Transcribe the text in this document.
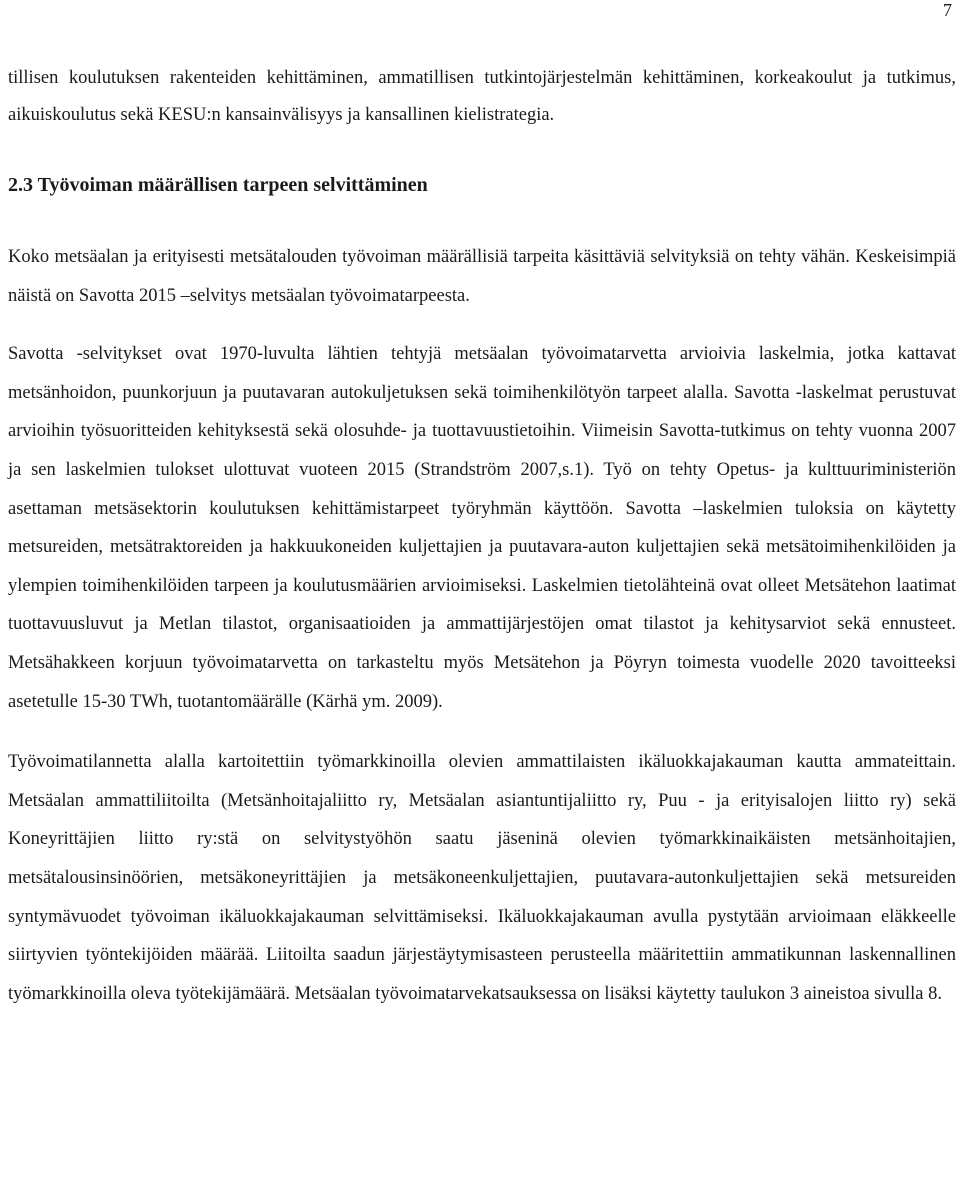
7

tillisen koulutuksen rakenteiden kehittäminen, ammatillisen tutkintojärjestelmän kehittäminen, korkeakoulut ja tutkimus, aikuiskoulutus sekä KESU:n kansainvälisyys ja kansallinen kielistrategia.

2.3 Työvoiman määrällisen tarpeen selvittäminen

Koko metsäalan ja erityisesti metsätalouden työvoiman määrällisiä tarpeita käsittäviä selvityksiä on tehty vähän. Keskeisimpiä näistä on Savotta 2015 –selvitys metsäalan työvoimatarpeesta.

Savotta -selvitykset ovat 1970-luvulta lähtien tehtyjä metsäalan työvoimatarvetta arvioivia laskelmia, jotka kattavat metsänhoidon, puunkorjuun ja puutavaran autokuljetuksen sekä toimihenkilötyön tarpeet alalla. Savotta -laskelmat perustuvat arvioihin työsuoritteiden kehityksestä sekä olosuhde- ja tuottavuustietoihin. Viimeisin Savotta-tutkimus on tehty vuonna 2007 ja sen laskelmien tulokset ulottuvat vuoteen 2015 (Strandström 2007,s.1). Työ on tehty Opetus- ja kulttuuriministeriön asettaman metsäsektorin koulutuksen kehittämistarpeet työryhmän käyttöön. Savotta –laskelmien tuloksia on käytetty metsureiden, metsätraktoreiden ja hakkuukoneiden kuljettajien ja puutavara-auton kuljettajien sekä metsätoimihenkilöiden ja ylempien toimihenkilöiden tarpeen ja koulutusmäärien arvioimiseksi. Laskelmien tietolähteinä ovat olleet Metsätehon laatimat tuottavuusluvut ja Metlan tilastot, organisaatioiden ja ammattijärjestöjen omat tilastot ja kehitysarviot sekä ennusteet. Metsähakkeen korjuun työvoimatarvetta on tarkasteltu myös Metsätehon ja Pöyryn toimesta vuodelle 2020 tavoitteeksi asetetulle 15-30 TWh, tuotantomäärälle (Kärhä ym. 2009).

Työvoimatilannetta alalla kartoitettiin työmarkkinoilla olevien ammattilaisten ikäluokkajakauman kautta ammateittain. Metsäalan ammattiliitoilta (Metsänhoitajaliitto ry, Metsäalan asiantuntijaliitto ry, Puu - ja erityisalojen liitto ry) sekä Koneyrittäjien liitto ry:stä on selvitystyöhön saatu jäseninä olevien työmarkkinaikäisten metsänhoitajien, metsätalousinsinöörien, metsäkoneyrittäjien ja metsäkoneenkuljettajien, puutavara-autonkuljettajien sekä metsureiden syntymävuodet työvoiman ikäluokkajakauman selvittämiseksi. Ikäluokkajakauman avulla pystytään arvioimaan eläkkeelle siirtyvien työntekijöiden määrää. Liitoilta saadun järjestäytymisasteen perusteella määritettiin ammatikunnan laskennallinen työmarkkinoilla oleva työtekijämäärä. Metsäalan työvoimatarvekatsauksessa on lisäksi käytetty taulukon 3 aineistoa sivulla 8.
